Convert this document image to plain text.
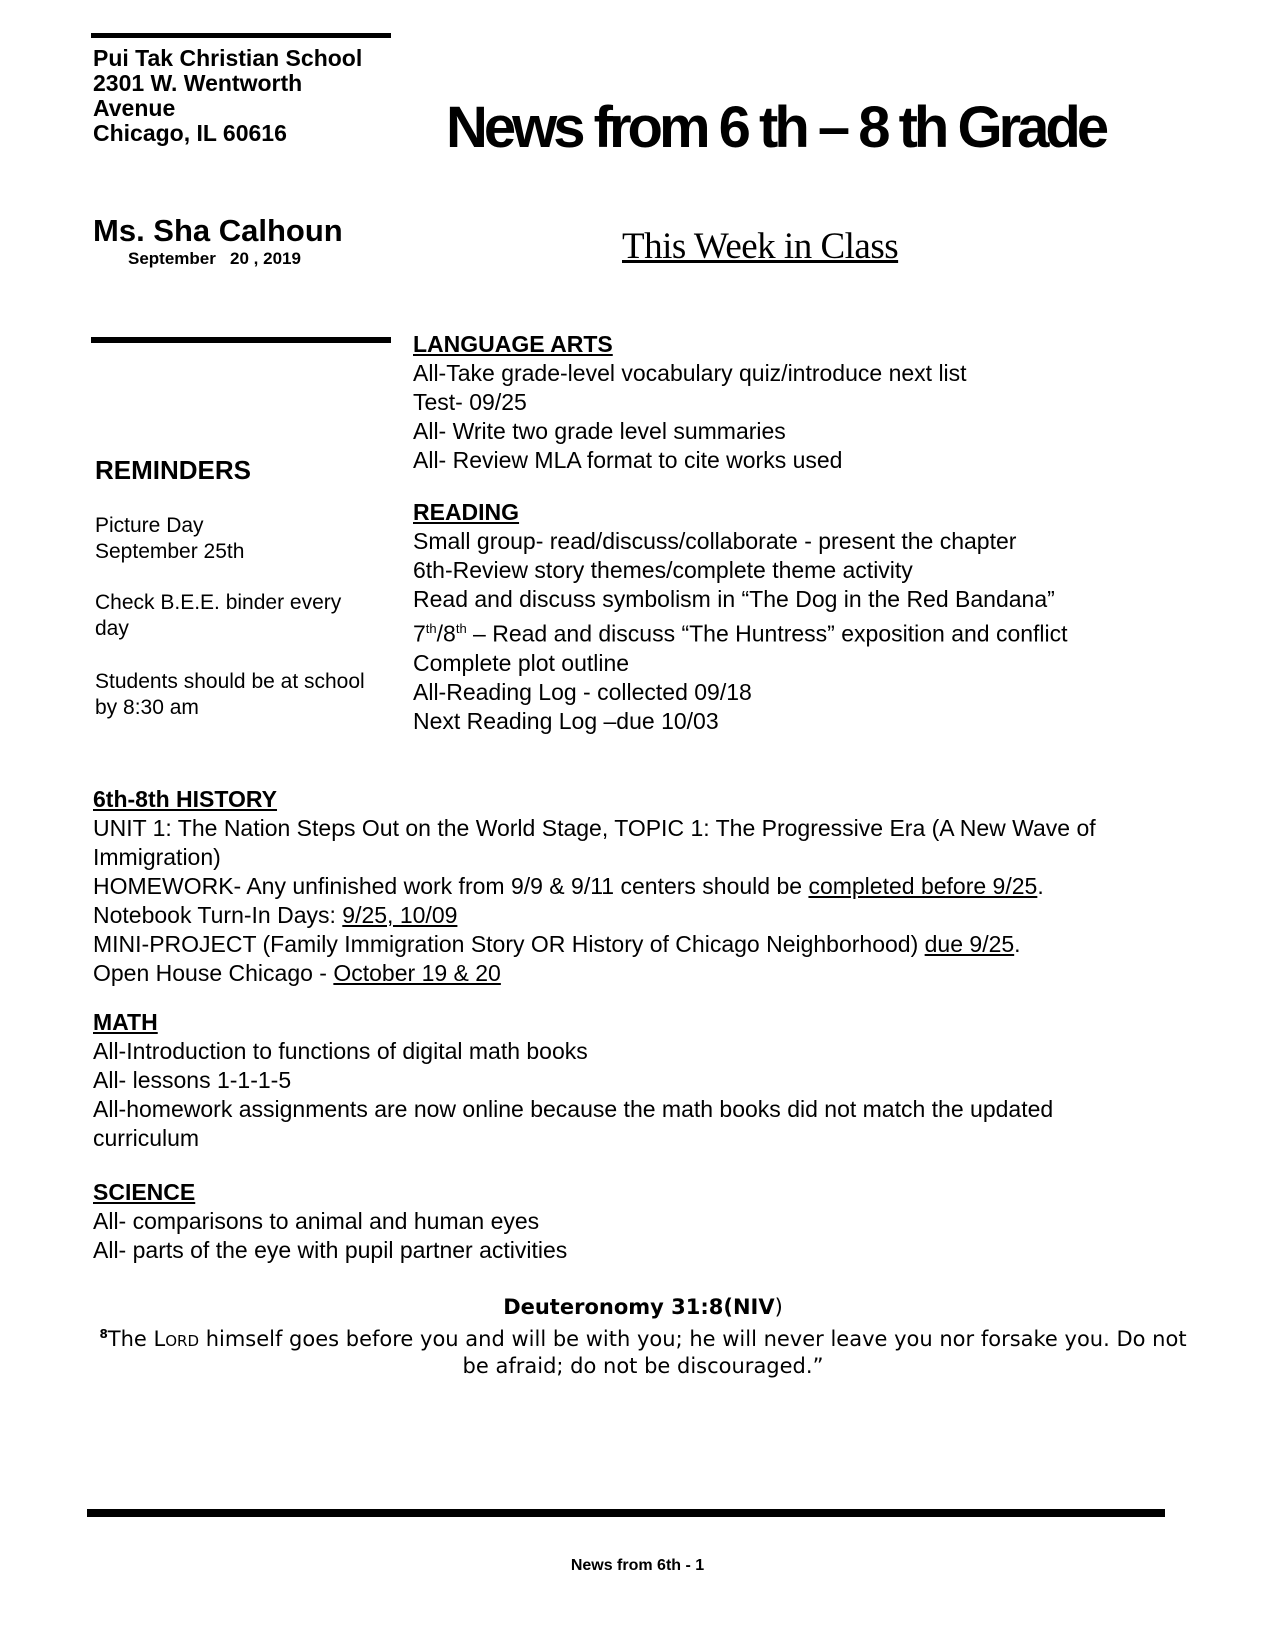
Pui Tak Christian School
2301 W. Wentworth
Avenue
Chicago, IL 60616	News from 6 th – 8 th Grade
Ms. Sha Calhoun
September   20 , 2019	This Week in Class
REMINDERS
Picture Day
September 25th
Check B.E.E. binder every
day
Students should be at school
by 8:30 am
LANGUAGE ARTS
All-Take grade-level vocabulary quiz/introduce next list
Test- 09/25
All- Write two grade level summaries
All- Review MLA format to cite works used
READING
Small group- read/discuss/collaborate - present the chapter
6th-Review story themes/complete theme activity
Read and discuss symbolism in “The Dog in the Red Bandana”
7th/8th – Read and discuss “The Huntress” exposition and conflict
Complete plot outline
All-Reading Log - collected 09/18
Next Reading Log –due 10/03
6th-8th HISTORY
UNIT 1: The Nation Steps Out on the World Stage, TOPIC 1: The Progressive Era (A New Wave of Immigration)
HOMEWORK- Any unfinished work from 9/9 & 9/11 centers should be completed before 9/25.
Notebook Turn-In Days: 9/25, 10/09
MINI-PROJECT (Family Immigration Story OR History of Chicago Neighborhood) due 9/25.
Open House Chicago - October 19 & 20
MATH
All-Introduction to functions of digital math books
All- lessons 1-1-1-5
All-homework assignments are now online because the math books did not match the updated curriculum
SCIENCE
All- comparisons to animal and human eyes
All- parts of the eye with pupil partner activities
Deuteronomy 31:8(NIV)
$^8$The Lord himself goes before you and will be with you; he will never leave you nor forsake you. Do not be afraid; do not be discouraged.”
News from 6th - 1
